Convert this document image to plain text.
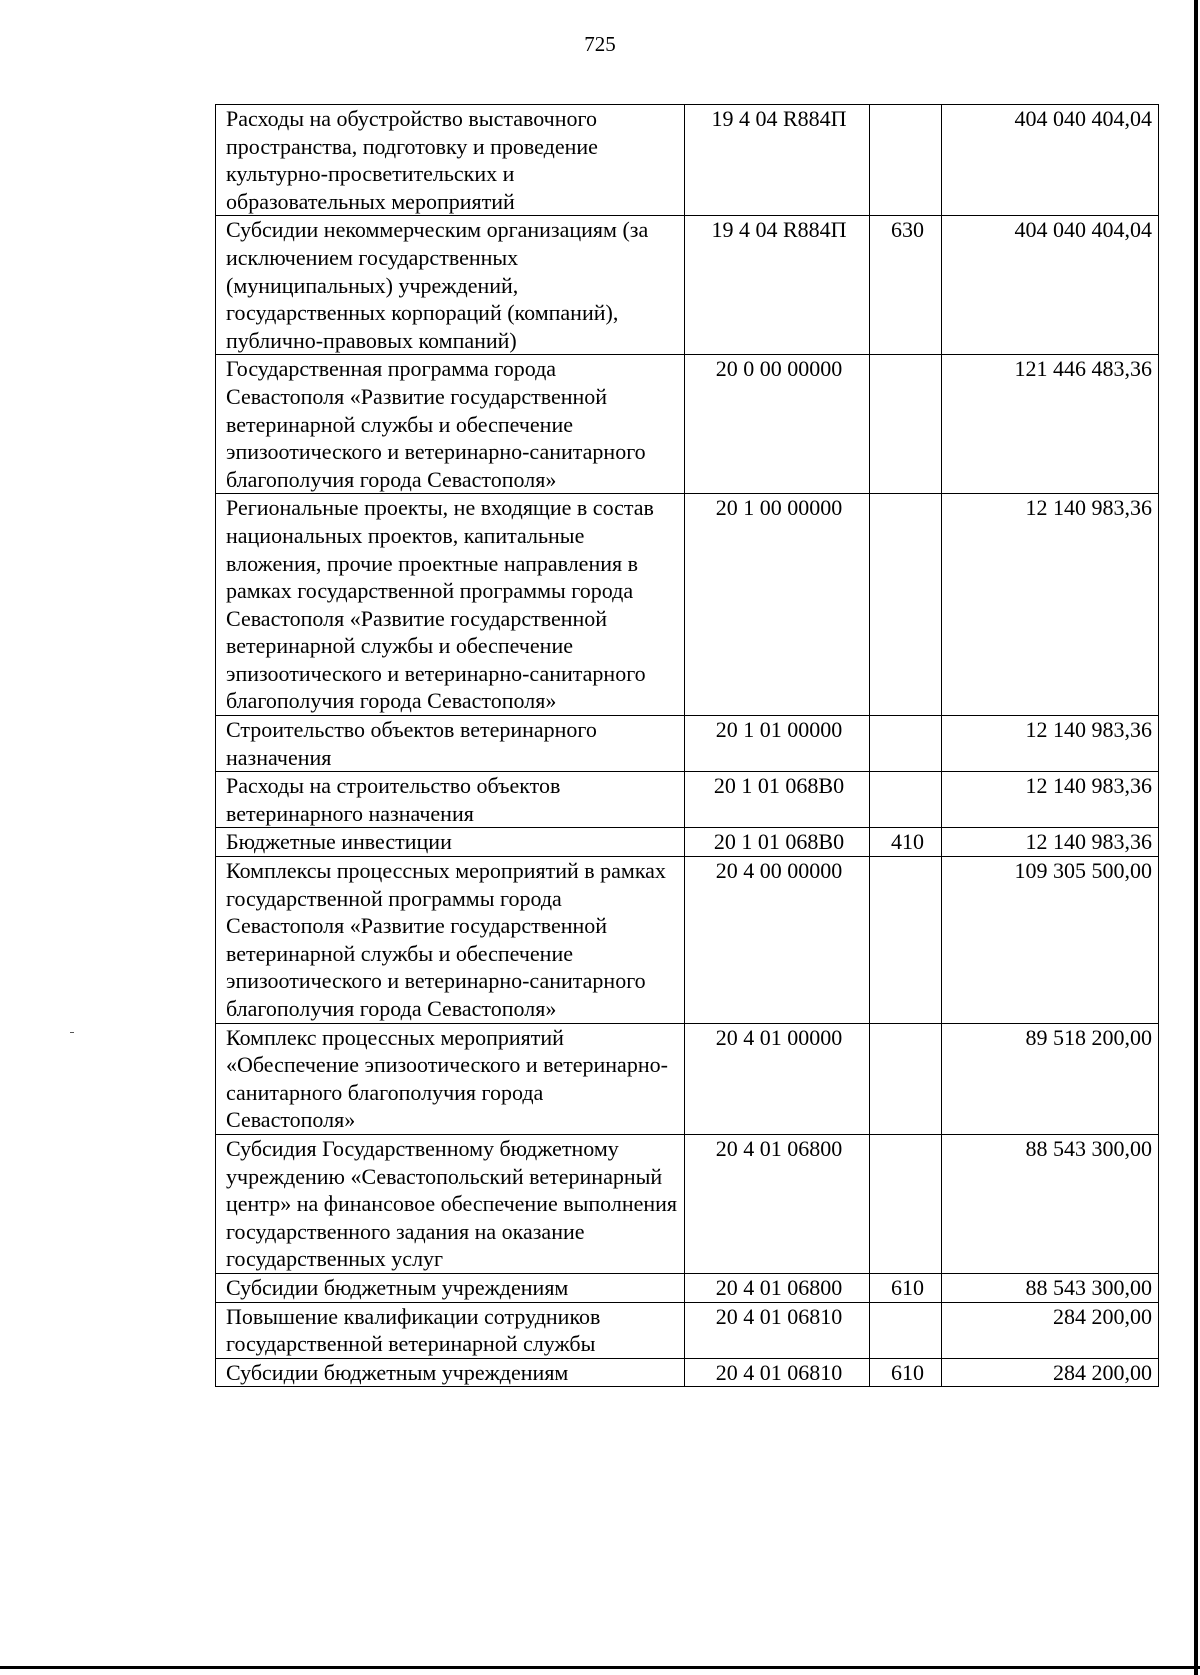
725
Расходы на обустройство выставочного пространства, подготовку и проведение культурно-просветительских и образовательных мероприятий	19 4 04 R884П		404 040 404,04
Субсидии некоммерческим организациям (за исключением государственных (муниципальных) учреждений, государственных корпораций (компаний), публично-правовых компаний)	19 4 04 R884П	630	404 040 404,04
Государственная программа города Севастополя «Развитие государственной ветеринарной службы и обеспечение эпизоотического и ветеринарно-санитарного благополучия города Севастополя»	20 0 00 00000		121 446 483,36
Региональные проекты, не входящие в состав национальных проектов, капитальные вложения, прочие проектные направления в рамках государственной программы города Севастополя «Развитие государственной ветеринарной службы и обеспечение эпизоотического и ветеринарно-санитарного благополучия города Севастополя»	20 1 00 00000		12 140 983,36
Строительство объектов ветеринарного назначения	20 1 01 00000		12 140 983,36
Расходы на строительство объектов ветеринарного назначения	20 1 01 068В0		12 140 983,36
Бюджетные инвестиции	20 1 01 068В0	410	12 140 983,36
Комплексы процессных мероприятий в рамках государственной программы города Севастополя «Развитие государственной ветеринарной службы и обеспечение эпизоотического и ветеринарно-санитарного благополучия города Севастополя»	20 4 00 00000		109 305 500,00
Комплекс процессных мероприятий «Обеспечение эпизоотического и ветеринарно-санитарного благополучия города Севастополя»	20 4 01 00000		89 518 200,00
Субсидия Государственному бюджетному учреждению «Севастопольский ветеринарный центр» на финансовое обеспечение выполнения государственного задания на оказание государственных услуг	20 4 01 06800		88 543 300,00
Субсидии бюджетным учреждениям	20 4 01 06800	610	88 543 300,00
Повышение квалификации сотрудников государственной ветеринарной службы	20 4 01 06810		284 200,00
Субсидии бюджетным учреждениям	20 4 01 06810	610	284 200,00
